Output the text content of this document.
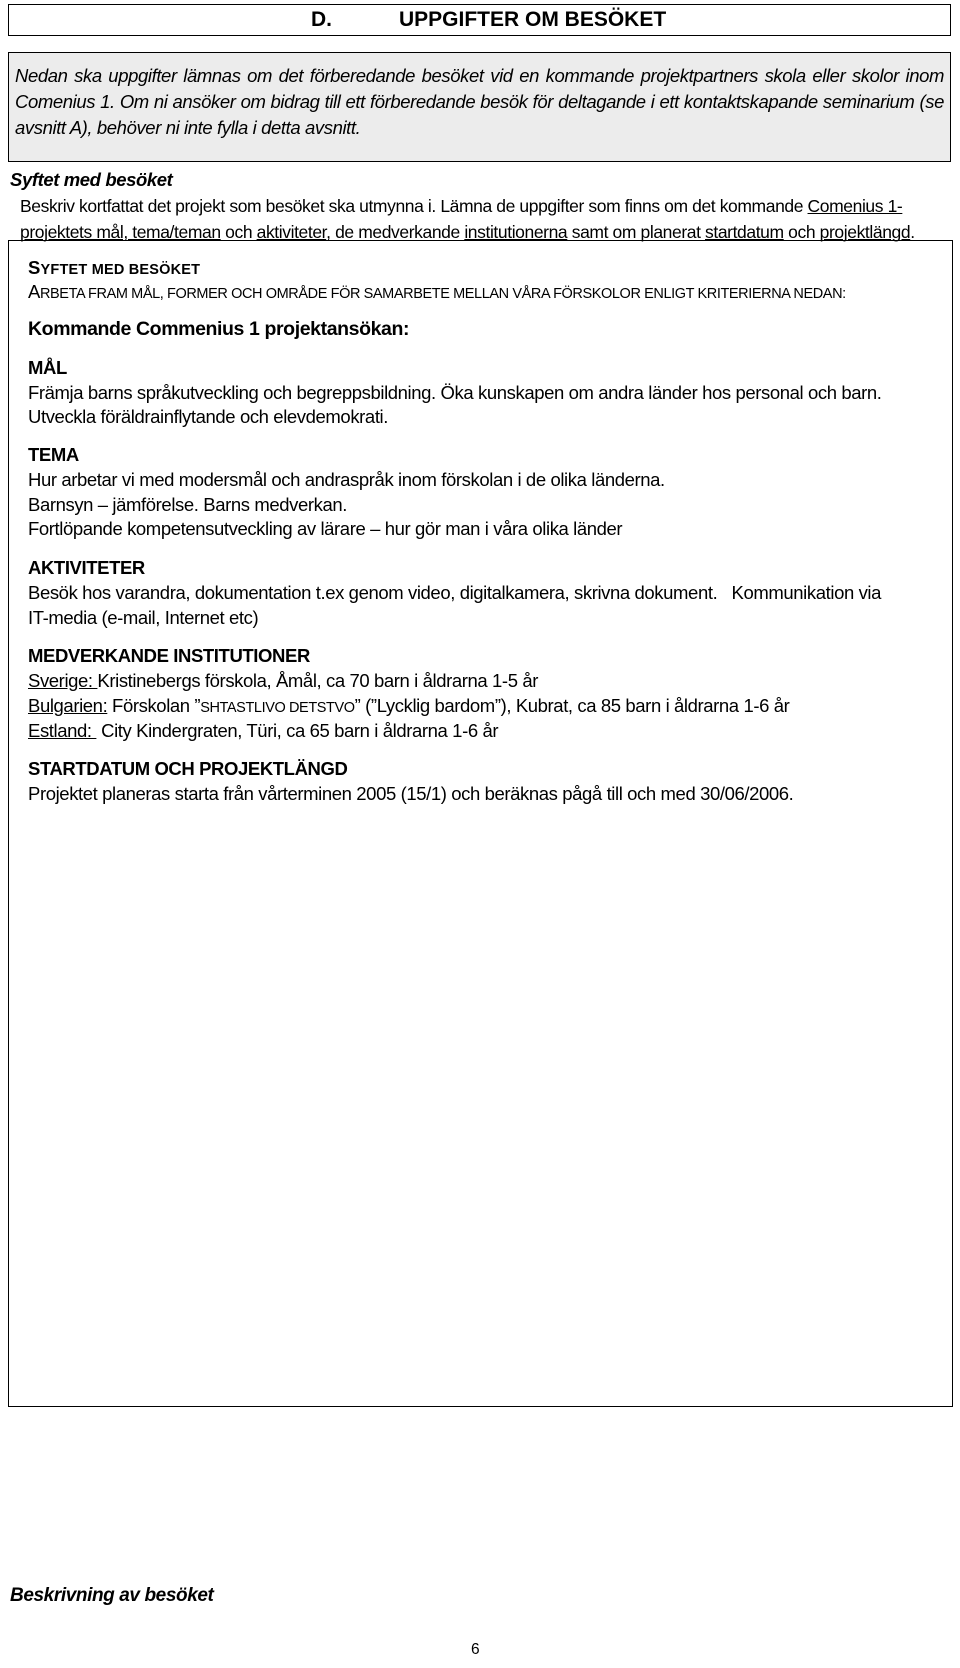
D.	UPPGIFTER OM BESÖKET
Nedan ska uppgifter lämnas om det förberedande besöket vid en kommande projektpartners skola eller skolor inom Comenius 1. Om ni ansöker om bidrag till ett förberedande besök för deltagande i ett kontaktskapande seminarium (se avsnitt A), behöver ni inte fylla i detta avsnitt.
Syftet med besöket
Beskriv kortfattat det projekt som besöket ska utmynna i. Lämna de uppgifter som finns om det kommande Comenius 1-projektets mål, tema/teman och aktiviteter, de medverkande institutionerna samt om planerat startdatum och projektlängd.
SYFTET MED BESÖKET
ARBETA FRAM MÅL, FORMER OCH OMRÅDE FÖR SAMARBETE MELLAN VÅRA FÖRSKOLOR ENLIGT KRITERIERNA NEDAN:
Kommande Commenius 1 projektansökan:
MÅL
Främja barns språkutveckling och begreppsbildning. Öka kunskapen om andra länder hos personal och barn.
Utveckla föräldrainflytande och elevdemokrati.
TEMA
Hur arbetar vi med modersmål och andraspråk inom förskolan i de olika länderna.
Barnsyn – jämförelse. Barns medverkan.
Fortlöpande kompetensutveckling av lärare – hur gör man i våra olika länder
AKTIVITETER
Besök hos varandra, dokumentation t.ex genom video, digitalkamera, skrivna dokument.   Kommunikation via
IT-media (e-mail, Internet etc)
MEDVERKANDE INSTITUTIONER
Sverige: Kristinebergs förskola, Åmål, ca 70 barn i åldrarna 1-5 år
Bulgarien: Förskolan ”SHTASTLIVO DETSTVO” (”Lycklig bardom”), Kubrat, ca 85 barn i åldrarna 1-6 år
Estland:  City Kindergraten, Türi, ca 65 barn i åldrarna 1-6 år
STARTDATUM OCH PROJEKTLÄNGD
Projektet planeras starta från vårterminen 2005 (15/1) och beräknas pågå till och med 30/06/2006.
Beskrivning av besöket
6
